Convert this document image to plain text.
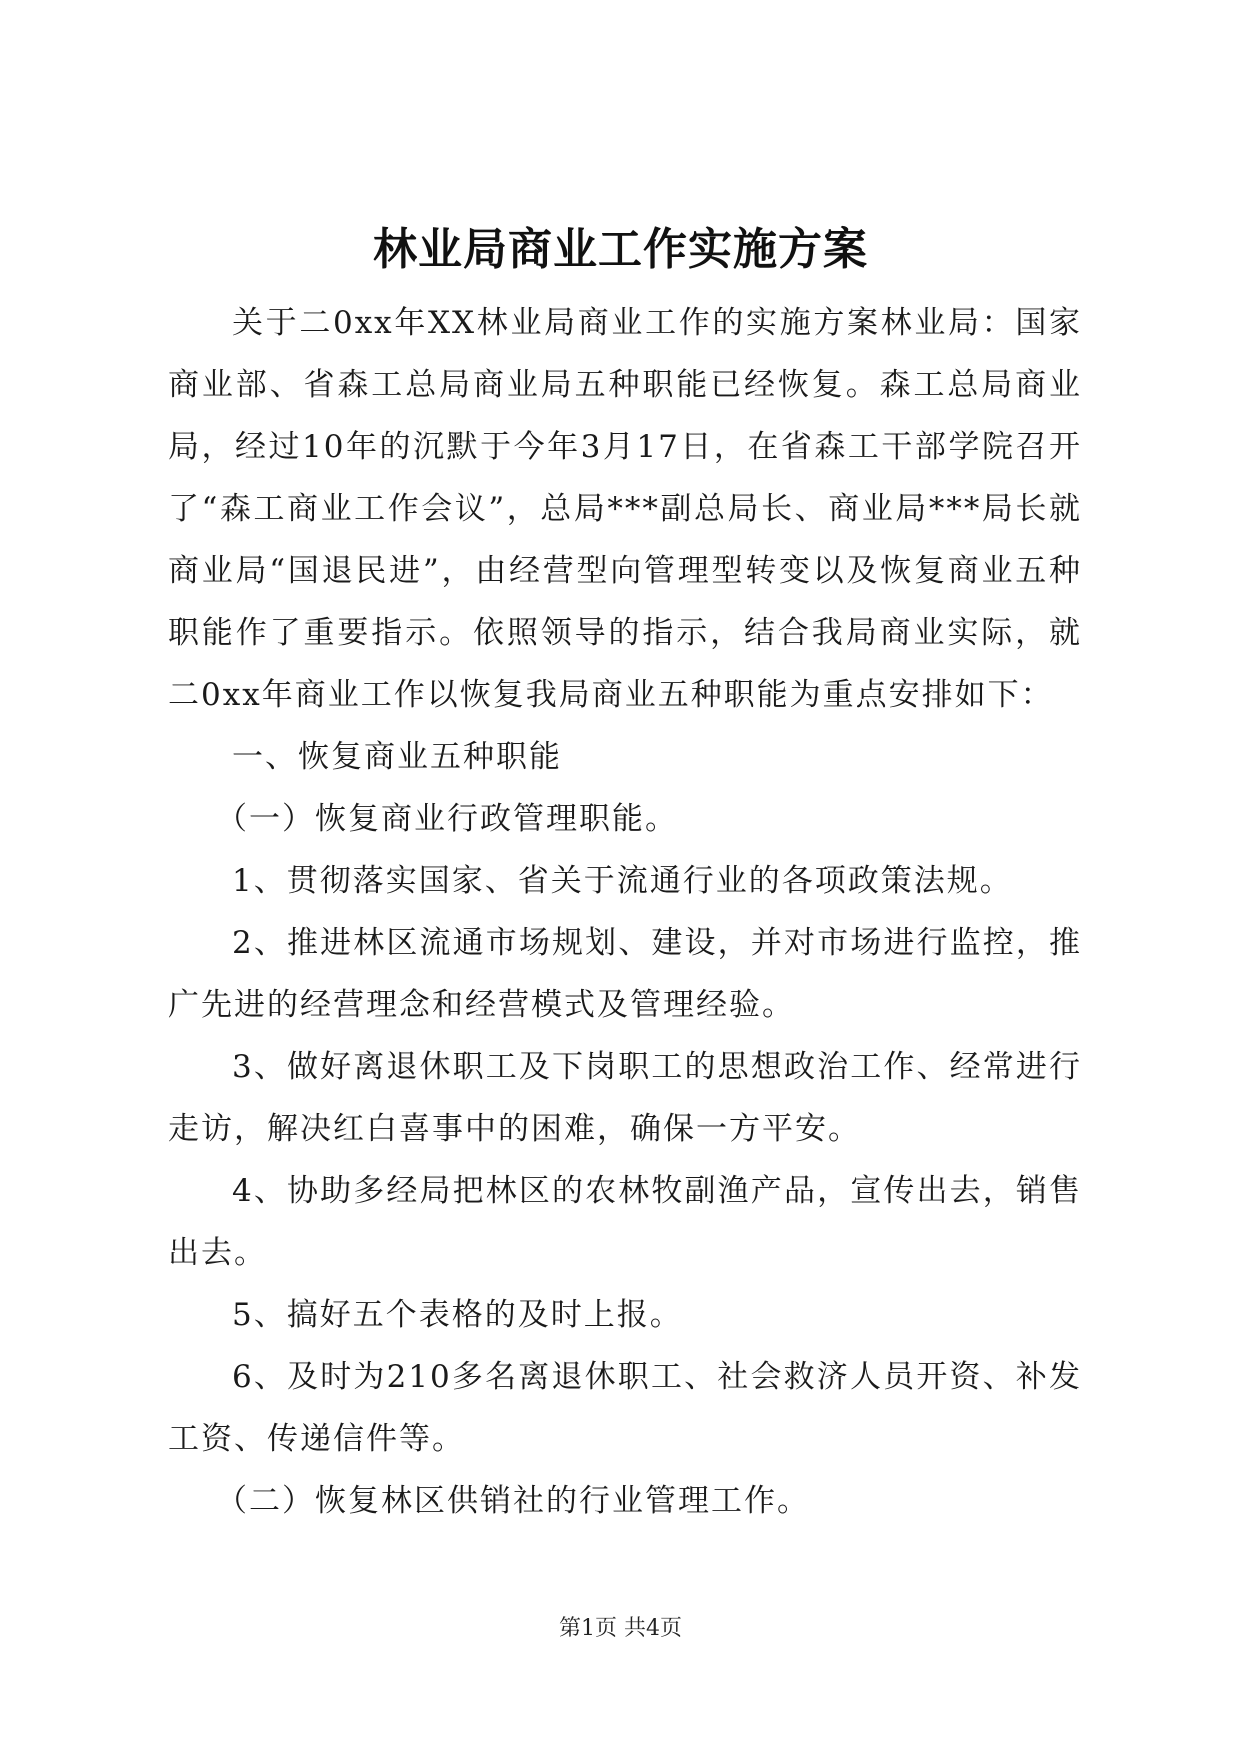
林业局商业工作实施方案

关于二0xx年XX林业局商业工作的实施方案林业局：国家商业部、省森工总局商业局五种职能已经恢复。森工总局商业局，经过10年的沉默于今年3月17日，在省森工干部学院召开了“森工商业工作会议”，总局***副总局长、商业局***局长就商业局“国退民进”，由经营型向管理型转变以及恢复商业五种职能作了重要指示。依照领导的指示，结合我局商业实际，就二0xx年商业工作以恢复我局商业五种职能为重点安排如下：

一、恢复商业五种职能

（一）恢复商业行政管理职能。

1、贯彻落实国家、省关于流通行业的各项政策法规。

2、推进林区流通市场规划、建设，并对市场进行监控，推广先进的经营理念和经营模式及管理经验。

3、做好离退休职工及下岗职工的思想政治工作、经常进行走访，解决红白喜事中的困难，确保一方平安。

4、协助多经局把林区的农林牧副渔产品，宣传出去，销售出去。

5、搞好五个表格的及时上报。

6、及时为210多名离退休职工、社会救济人员开资、补发工资、传递信件等。

（二）恢复林区供销社的行业管理工作。

第1页 共4页
